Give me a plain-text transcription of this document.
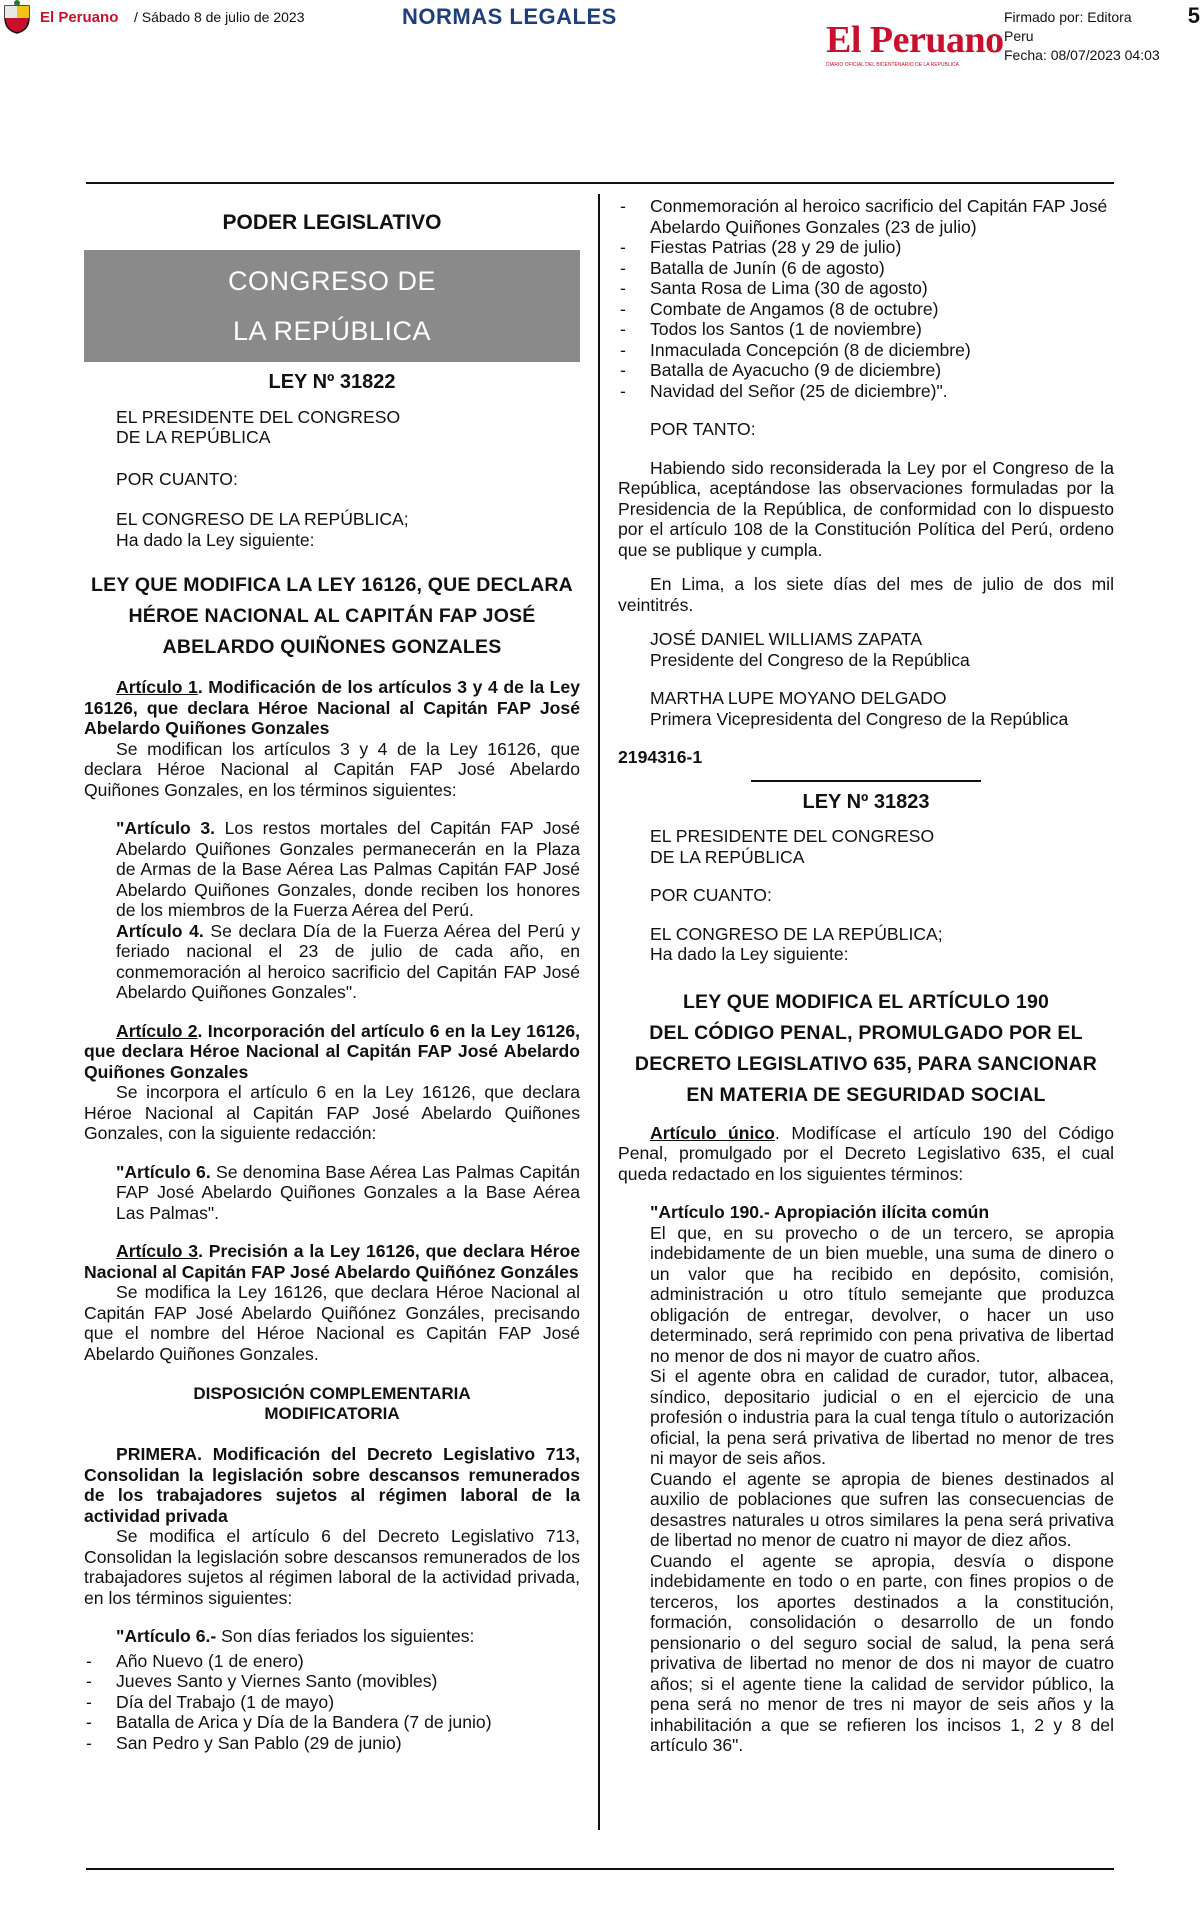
El Peruano
DIARIO OFICIAL DEL BICENTENARIO DE LA REPÚBLICA
Firmado por: Editora
Peru
Fecha: 08/07/2023 04:03
El Peruano / Sábado 8 de julio de 2023	NORMAS LEGALES	5

PODER LEGISLATIVO

CONGRESO DE
LA REPÚBLICA

LEY Nº 31822

EL PRESIDENTE DEL CONGRESO

DE LA REPÚBLICA

POR CUANTO:

EL CONGRESO DE LA REPÚBLICA;

Ha dado la Ley siguiente:

LEY QUE MODIFICA LA LEY 16126, QUE DECLARA

HÉROE NACIONAL AL CAPITÁN FAP JOSÉ

ABELARDO QUIÑONES GONZALES

Artículo 1. Modificación de los artículos 3 y 4 de la Ley 16126, que declara Héroe Nacional al Capitán FAP José Abelardo Quiñones Gonzales

Se modifican los artículos 3 y 4 de la Ley 16126, que declara Héroe Nacional al Capitán FAP José Abelardo Quiñones Gonzales, en los términos siguientes:

"Artículo 3. Los restos mortales del Capitán FAP José Abelardo Quiñones Gonzales permanecerán en la Plaza de Armas de la Base Aérea Las Palmas Capitán FAP José Abelardo Quiñones Gonzales, donde reciben los honores de los miembros de la Fuerza Aérea del Perú.

Artículo 4. Se declara Día de la Fuerza Aérea del Perú y feriado nacional el 23 de julio de cada año, en conmemoración al heroico sacrificio del Capitán FAP José Abelardo Quiñones Gonzales".

Artículo 2. Incorporación del artículo 6 en la Ley 16126, que declara Héroe Nacional al Capitán FAP José Abelardo Quiñones Gonzales

Se incorpora el artículo 6 en la Ley 16126, que declara Héroe Nacional al Capitán FAP José Abelardo Quiñones Gonzales, con la siguiente redacción:

"Artículo 6. Se denomina Base Aérea Las Palmas Capitán FAP José Abelardo Quiñones Gonzales a la Base Aérea Las Palmas".

Artículo 3. Precisión a la Ley 16126, que declara Héroe Nacional al Capitán FAP José Abelardo Quiñónez Gonzáles

Se modifica la Ley 16126, que declara Héroe Nacional al Capitán FAP José Abelardo Quiñónez Gonzáles, precisando que el nombre del Héroe Nacional es Capitán FAP José Abelardo Quiñones Gonzales.

DISPOSICIÓN COMPLEMENTARIA

MODIFICATORIA

PRIMERA. Modificación del Decreto Legislativo 713, Consolidan la legislación sobre descansos remunerados de los trabajadores sujetos al régimen laboral de la actividad privada

Se modifica el artículo 6 del Decreto Legislativo 713, Consolidan la legislación sobre descansos remunerados de los trabajadores sujetos al régimen laboral de la actividad privada, en los términos siguientes:

"Artículo 6.- Son días feriados los siguientes:

- Año Nuevo (1 de enero)
- Jueves Santo y Viernes Santo (movibles)
- Día del Trabajo (1 de mayo)
- Batalla de Arica y Día de la Bandera (7 de junio)
- San Pedro y San Pablo (29 de junio)
- Conmemoración al heroico sacrificio del Capitán FAP José Abelardo Quiñones Gonzales (23 de julio)
- Fiestas Patrias (28 y 29 de julio)
- Batalla de Junín (6 de agosto)
- Santa Rosa de Lima (30 de agosto)
- Combate de Angamos (8 de octubre)
- Todos los Santos (1 de noviembre)
- Inmaculada Concepción (8 de diciembre)
- Batalla de Ayacucho (9 de diciembre)
- Navidad del Señor (25 de diciembre)".

POR TANTO:

Habiendo sido reconsiderada la Ley por el Congreso de la República, aceptándose las observaciones formuladas por la Presidencia de la República, de conformidad con lo dispuesto por el artículo 108 de la Constitución Política del Perú, ordeno que se publique y cumpla.

En Lima, a los siete días del mes de julio de dos mil veintitrés.

JOSÉ DANIEL WILLIAMS ZAPATA

Presidente del Congreso de la República

MARTHA LUPE MOYANO DELGADO

Primera Vicepresidenta del Congreso de la República

2194316-1

LEY Nº 31823

EL PRESIDENTE DEL CONGRESO

DE LA REPÚBLICA

POR CUANTO:

EL CONGRESO DE LA REPÚBLICA;

Ha dado la Ley siguiente:

LEY QUE MODIFICA EL ARTÍCULO 190

DEL CÓDIGO PENAL, PROMULGADO POR EL

DECRETO LEGISLATIVO 635, PARA SANCIONAR

EN MATERIA DE SEGURIDAD SOCIAL

Artículo único. Modifícase el artículo 190 del Código Penal, promulgado por el Decreto Legislativo 635, el cual queda redactado en los siguientes términos:

"Artículo 190.- Apropiación ilícita común

El que, en su provecho o de un tercero, se apropia indebidamente de un bien mueble, una suma de dinero o un valor que ha recibido en depósito, comisión, administración u otro título semejante que produzca obligación de entregar, devolver, o hacer un uso determinado, será reprimido con pena privativa de libertad no menor de dos ni mayor de cuatro años.

Si el agente obra en calidad de curador, tutor, albacea, síndico, depositario judicial o en el ejercicio de una profesión o industria para la cual tenga título o autorización oficial, la pena será privativa de libertad no menor de tres ni mayor de seis años.

Cuando el agente se apropia de bienes destinados al auxilio de poblaciones que sufren las consecuencias de desastres naturales u otros similares la pena será privativa de libertad no menor de cuatro ni mayor de diez años.

Cuando el agente se apropia, desvía o dispone indebidamente en todo o en parte, con fines propios o de terceros, los aportes destinados a la constitución, formación, consolidación o desarrollo de un fondo pensionario o del seguro social de salud, la pena será privativa de libertad no menor de dos ni mayor de cuatro años; si el agente tiene la calidad de servidor público, la pena será no menor de tres ni mayor de seis años y la inhabilitación a que se refieren los incisos 1, 2 y 8 del artículo 36".
